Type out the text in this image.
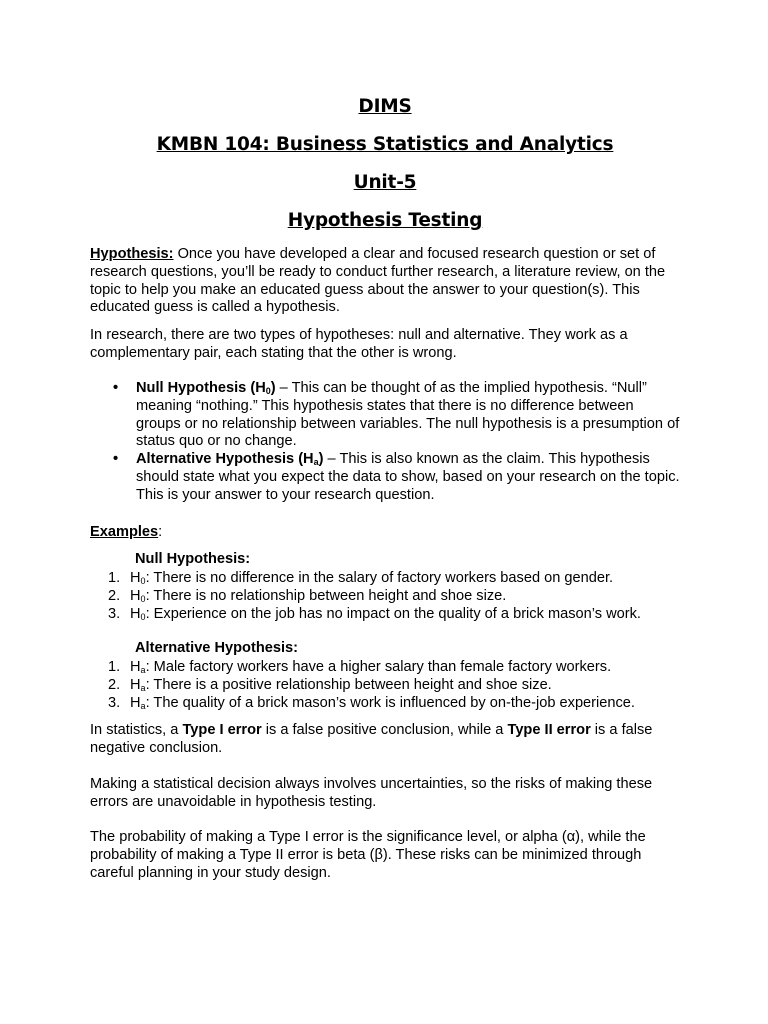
DIMS
KMBN 104: Business Statistics and Analytics
Unit-5
Hypothesis Testing

Hypothesis: Once you have developed a clear and focused research question or set of research questions, you’ll be ready to conduct further research, a literature review, on the topic to help you make an educated guess about the answer to your question(s). This educated guess is called a hypothesis.

In research, there are two types of hypotheses: null and alternative. They work as a complementary pair, each stating that the other is wrong.

• Null Hypothesis $(H_0)$ – This can be thought of as the implied hypothesis. “Null” meaning “nothing.” This hypothesis states that there is no difference between groups or no relationship between variables. The null hypothesis is a presumption of status quo or no change.
• Alternative Hypothesis $(H_a)$ – This is also known as the claim. This hypothesis should state what you expect the data to show, based on your research on the topic. This is your answer to your research question.

Examples:

Null Hypothesis:
1. $H_0$: There is no difference in the salary of factory workers based on gender.
2. $H_0$: There is no relationship between height and shoe size.
3. $H_0$: Experience on the job has no impact on the quality of a brick mason’s work.
Alternative Hypothesis:
1. $H_a$: Male factory workers have a higher salary than female factory workers.
2. $H_a$: There is a positive relationship between height and shoe size.
3. $H_a$: The quality of a brick mason’s work is influenced by on-the-job experience.

In statistics, a Type I error is a false positive conclusion, while a Type II error is a false negative conclusion.

Making a statistical decision always involves uncertainties, so the risks of making these errors are unavoidable in hypothesis testing.

The probability of making a Type I error is the significance level, or alpha (α), while the probability of making a Type II error is beta (β). These risks can be minimized through careful planning in your study design.
